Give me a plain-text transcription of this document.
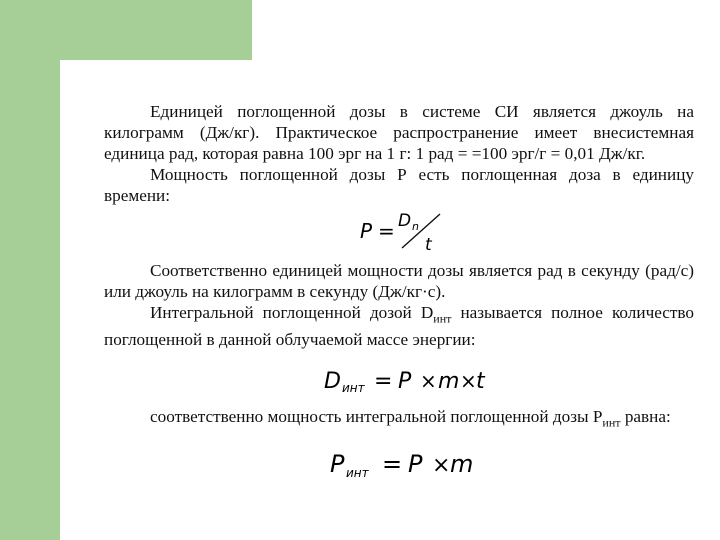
Единицей поглощенной дозы в системе СИ является джоуль на килограмм (Дж/кг). Практическое распространение имеет внесистемная единица рад, которая равна 100 эрг на 1 г: 1 рад = =100 эрг/г = 0,01 Дж/кг.

Мощность поглощенной дозы Р есть поглощенная доза в единицу времени:

P = D n
t

Соответственно единицей мощности дозы является рад в секунду (рад/с) или джоуль на килограмм в секунду (Дж/кг·с).

Интегральной поглощенной дозой $D_{инт}$ называется полное количество поглощенной в данной облучаемой массе энергии:

D инт = P × m × t

соответственно мощность интегральной поглощенной дозы $Р_{инт}$ равна:

P инт = P × m
